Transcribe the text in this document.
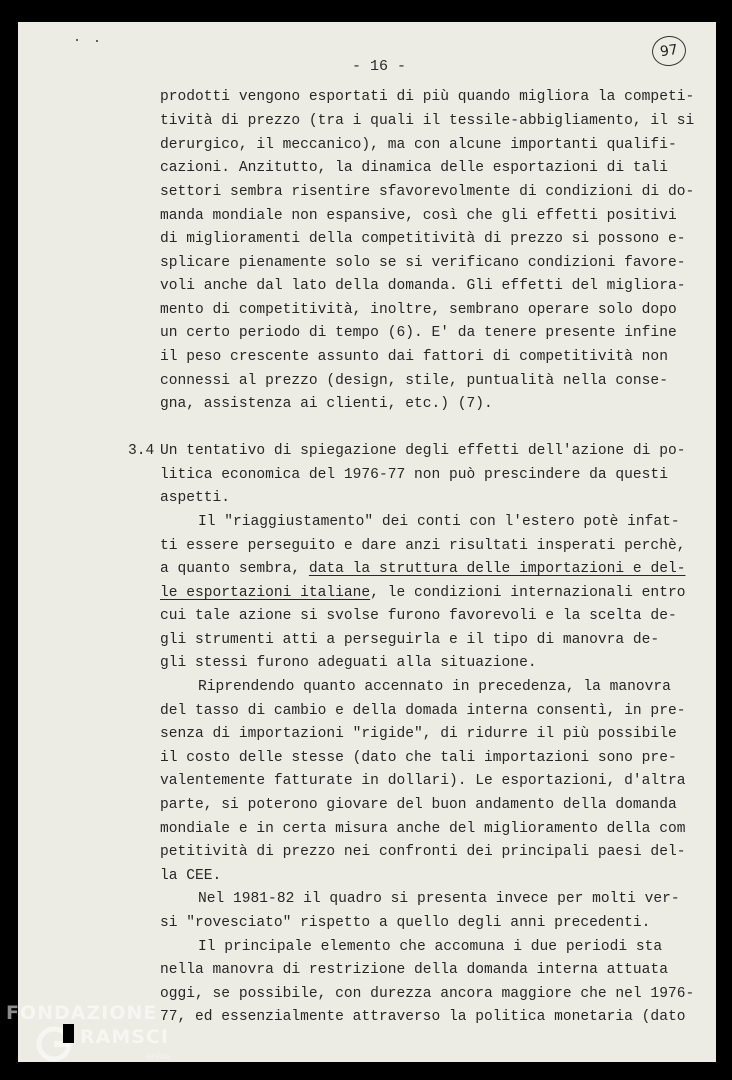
- 16 -
97

prodotti vengono esportati di più quando migliora la competi-

tività di prezzo (tra i quali il tessile-abbigliamento, il si

derurgico, il meccanico), ma con alcune importanti qualifi-

cazioni. Anzitutto, la dinamica delle esportazioni di tali

settori sembra risentire sfavorevolmente di condizioni di do-

manda mondiale non espansive, così che gli effetti positivi

di miglioramenti della competitività di prezzo si possono e-

splicare pienamente solo se si verificano condizioni favore-

voli anche dal lato della domanda. Gli effetti del migliora-

mento di competitività, inoltre, sembrano operare solo dopo

un certo periodo di tempo (6). E' da tenere presente infine

il peso crescente assunto dai fattori di competitività non

connessi al prezzo (design, stile, puntualità nella conse-

gna, assistenza ai clienti, etc.) (7).

3.4

Un tentativo di spiegazione degli effetti dell'azione di po-

litica economica del 1976-77 non può prescindere da questi

aspetti.

Il "riaggiustamento" dei conti con l'estero potè infat-

ti essere perseguito e dare anzi risultati insperati perchè,

a quanto sembra, data la struttura delle importazioni e del-

le esportazioni italiane, le condizioni internazionali entro

cui tale azione si svolse furono favorevoli e la scelta de-

gli strumenti atti a perseguirla e il tipo di manovra de-

gli stessi furono adeguati alla situazione.

Riprendendo quanto accennato in precedenza, la manovra

del tasso di cambio e della domada interna consentì, in pre-

senza di importazioni "rigide", di ridurre il più possibile

il costo delle stesse (dato che tali importazioni sono pre-

valentemente fatturate in dollari). Le esportazioni, d'altra

parte, si poterono giovare del buon andamento della domanda

mondiale e in certa misura anche del miglioramento della com

petitività di prezzo nei confronti dei principali paesi del-

la CEE.

Nel 1981-82 il quadro si presenta invece per molti ver-

si "rovesciato" rispetto a quello degli anni precedenti.

Il principale elemento che accomuna i due periodi sta

nella manovra di restrizione della domanda interna attuata

oggi, se possibile, con durezza ancora maggiore che nel 1976-

77, ed essenzialmente attraverso la politica monetaria (dato

FONDAZIONE
RAMSCI
onlus
